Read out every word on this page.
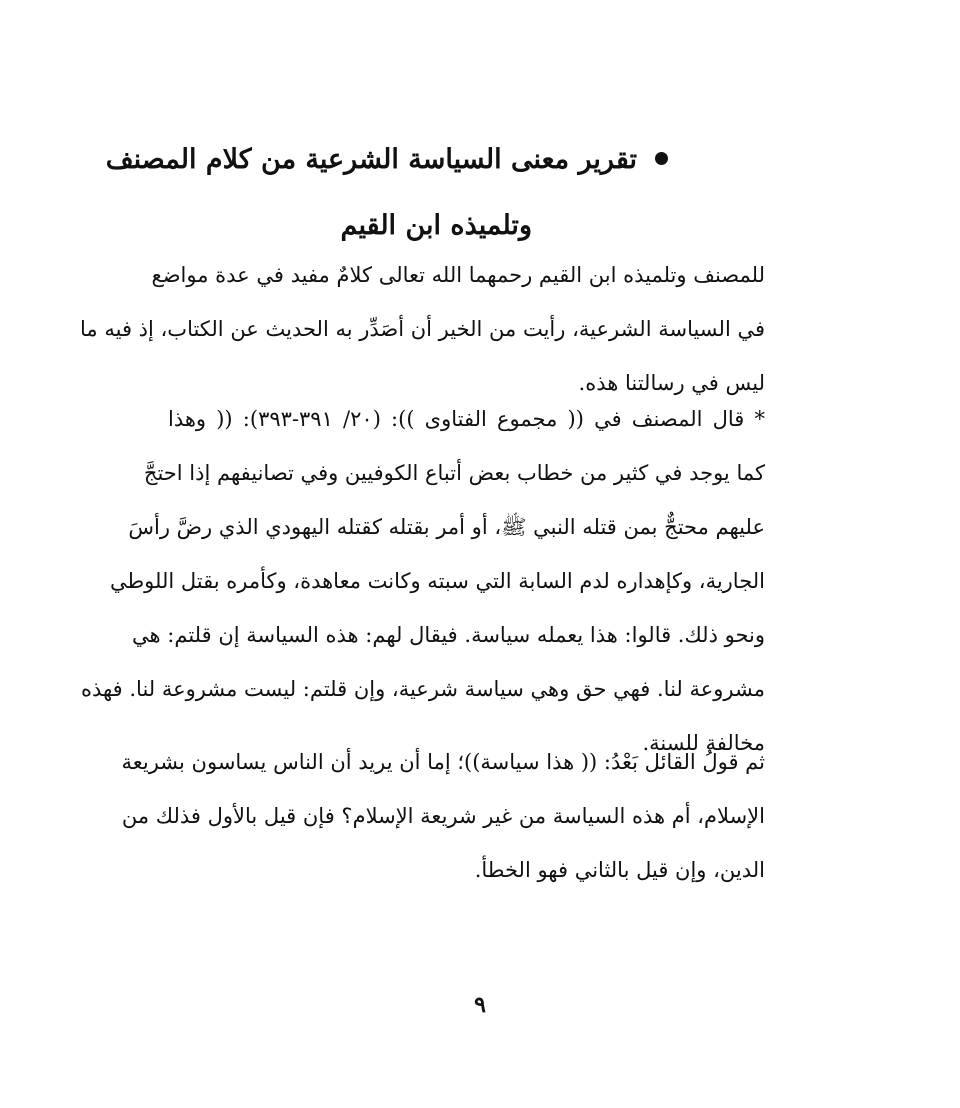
تقرير معنى السياسة الشرعية من كلام المصنف
وتلميذه ابن القيم
للمصنف وتلميذه ابن القيم رحمهما الله تعالى كلامٌ مفيد في عدة مواضع
في السياسة الشرعية، رأيت من الخير أن أصَدِّر به الحديث عن الكتاب، إذ فيه ما
ليس في رسالتنا هذه.
* قال المصنف في (( مجموع الفتاوى )): (٢٠/ ٣٩١-٣٩٣): (( وهذا
كما يوجد في كثير من خطاب بعض أتباع الكوفيين وفي تصانيفهم إذا احتجَّ
عليهم محتجٌّ بمن قتله النبي ﷺ، أو أمر بقتله كقتله اليهودي الذي رضَّ رأسَ
الجارية، وكإهداره لدم السابة التي سبته وكانت معاهدة، وكأمره بقتل اللوطي
ونحو ذلك. قالوا: هذا يعمله سياسة. فيقال لهم: هذه السياسة إن قلتم: هي
مشروعة لنا. فهي حق وهي سياسة شرعية، وإن قلتم: ليست مشروعة لنا. فهذه
مخالفة للسنة.
ثم قولُ القائل بَعْدُ: (( هذا سياسة))؛ إما أن يريد أن الناس يساسون بشريعة
الإسلام، أم هذه السياسة من غير شريعة الإسلام؟ فإن قيل بالأول فذلك من
الدين، وإن قيل بالثاني فهو الخطأ.
٩
